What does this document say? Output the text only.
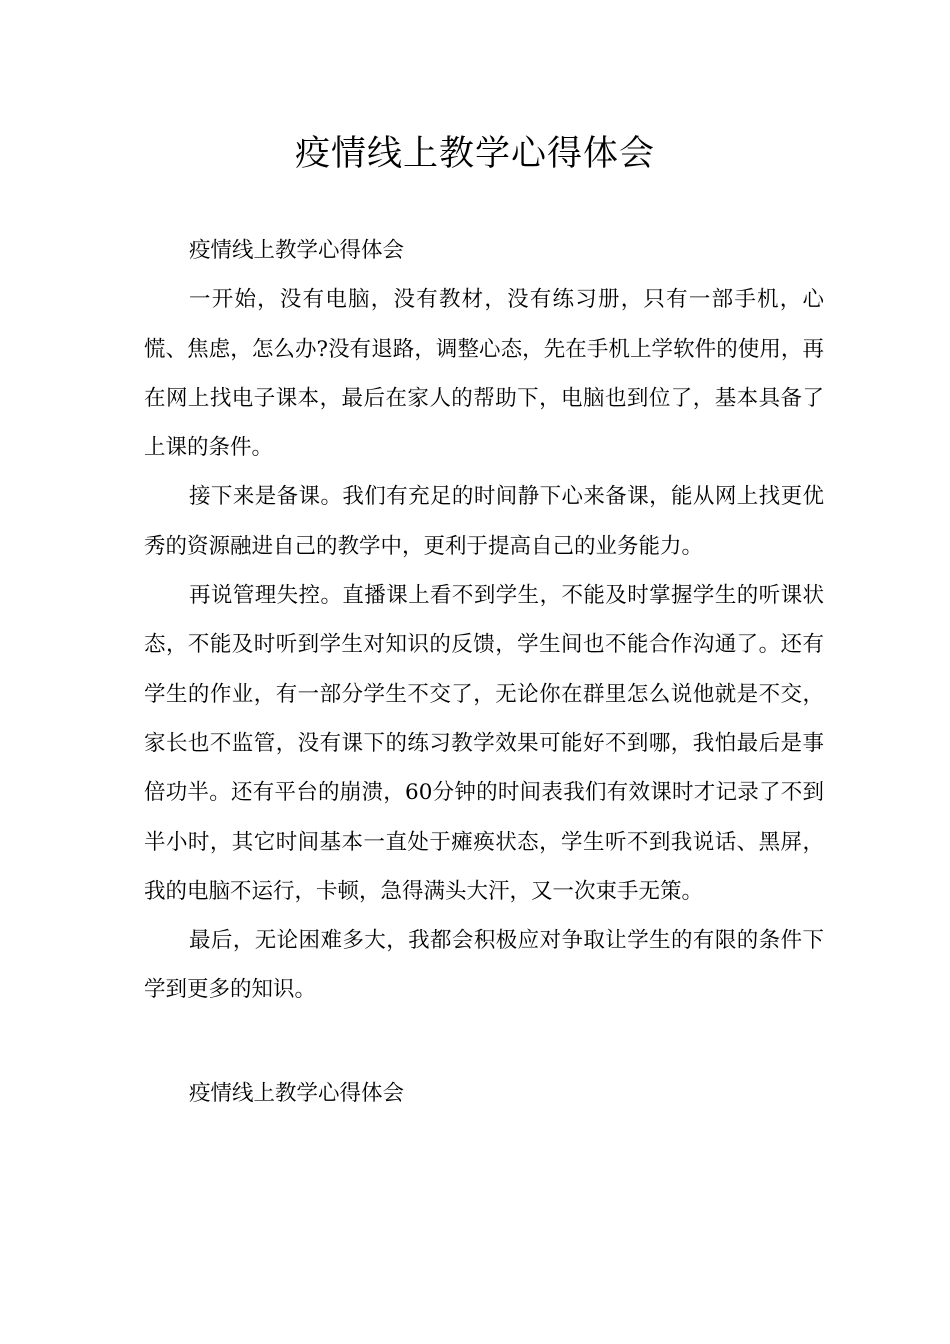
疫情线上教学心得体会

疫情线上教学心得体会

一开始，没有电脑，没有教材，没有练习册，只有一部手机，心慌、焦虑，怎么办?没有退路，调整心态，先在手机上学软件的使用，再在网上找电子课本，最后在家人的帮助下，电脑也到位了，基本具备了上课的条件。

接下来是备课。我们有充足的时间静下心来备课，能从网上找更优秀的资源融进自己的教学中，更利于提高自己的业务能力。

再说管理失控。直播课上看不到学生，不能及时掌握学生的听课状态，不能及时听到学生对知识的反馈，学生间也不能合作沟通了。还有学生的作业，有一部分学生不交了，无论你在群里怎么说他就是不交，家长也不监管，没有课下的练习教学效果可能好不到哪，我怕最后是事倍功半。还有平台的崩溃，60分钟的时间表我们有效课时才记录了不到半小时，其它时间基本一直处于瘫痪状态，学生听不到我说话、黑屏，我的电脑不运行，卡顿，急得满头大汗，又一次束手无策。

最后，无论困难多大，我都会积极应对争取让学生的有限的条件下学到更多的知识。

疫情线上教学心得体会
